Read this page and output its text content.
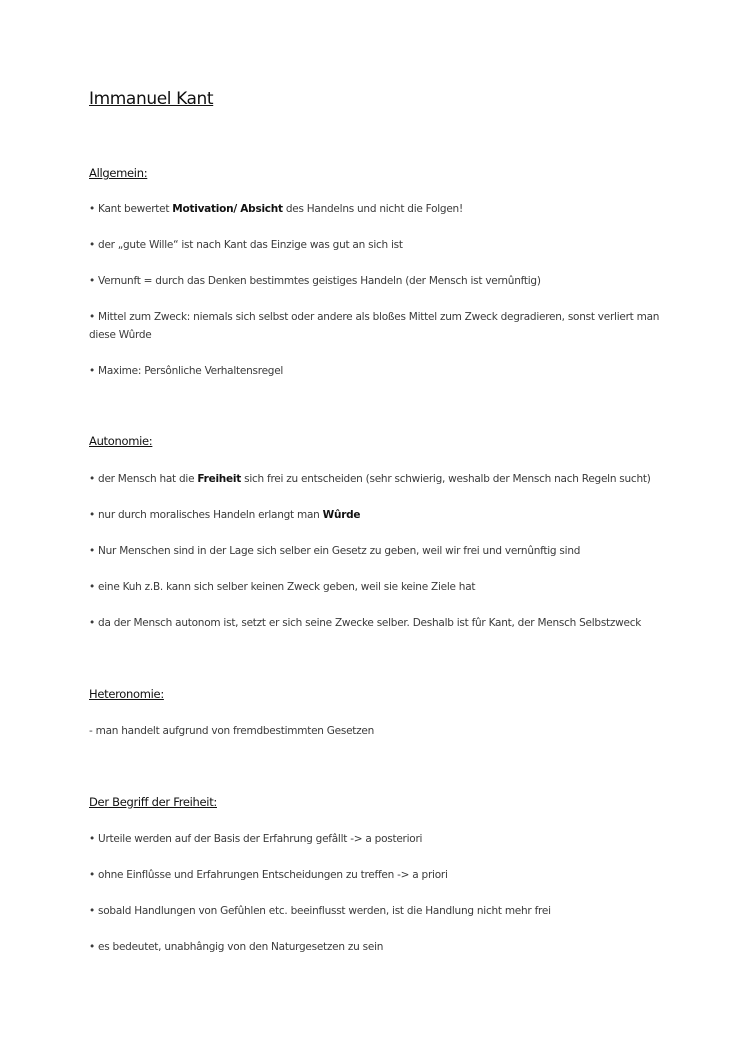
Immanuel Kant
Allgemein:
• Kant bewertet Motivation/ Absicht des Handelns und nicht die Folgen!
• der „gute Wille“ ist nach Kant das Einzige was gut an sich ist
• Vernunft = durch das Denken bestimmtes geistiges Handeln (der Mensch ist vernûnftig)
• Mittel zum Zweck: niemals sich selbst oder andere als bloßes Mittel zum Zweck degradieren, sonst verliert man diese Wûrde
• Maxime: Persônliche Verhaltensregel
Autonomie:
• der Mensch hat die Freiheit sich frei zu entscheiden (sehr schwierig, weshalb der Mensch nach Regeln sucht)
• nur durch moralisches Handeln erlangt man Wûrde
• Nur Menschen sind in der Lage sich selber ein Gesetz zu geben, weil wir frei und vernûnftig sind
• eine Kuh z.B. kann sich selber keinen Zweck geben, weil sie keine Ziele hat
• da der Mensch autonom ist, setzt er sich seine Zwecke selber. Deshalb ist fûr Kant, der Mensch Selbstzweck
Heteronomie:
- man handelt aufgrund von fremdbestimmten Gesetzen
Der Begriff der Freiheit:
• Urteile werden auf der Basis der Erfahrung gefâllt -> a posteriori
• ohne Einflûsse und Erfahrungen Entscheidungen zu treffen -> a priori
• sobald Handlungen von Gefûhlen etc. beeinflusst werden, ist die Handlung nicht mehr frei
• es bedeutet, unabhângig von den Naturgesetzen zu sein
